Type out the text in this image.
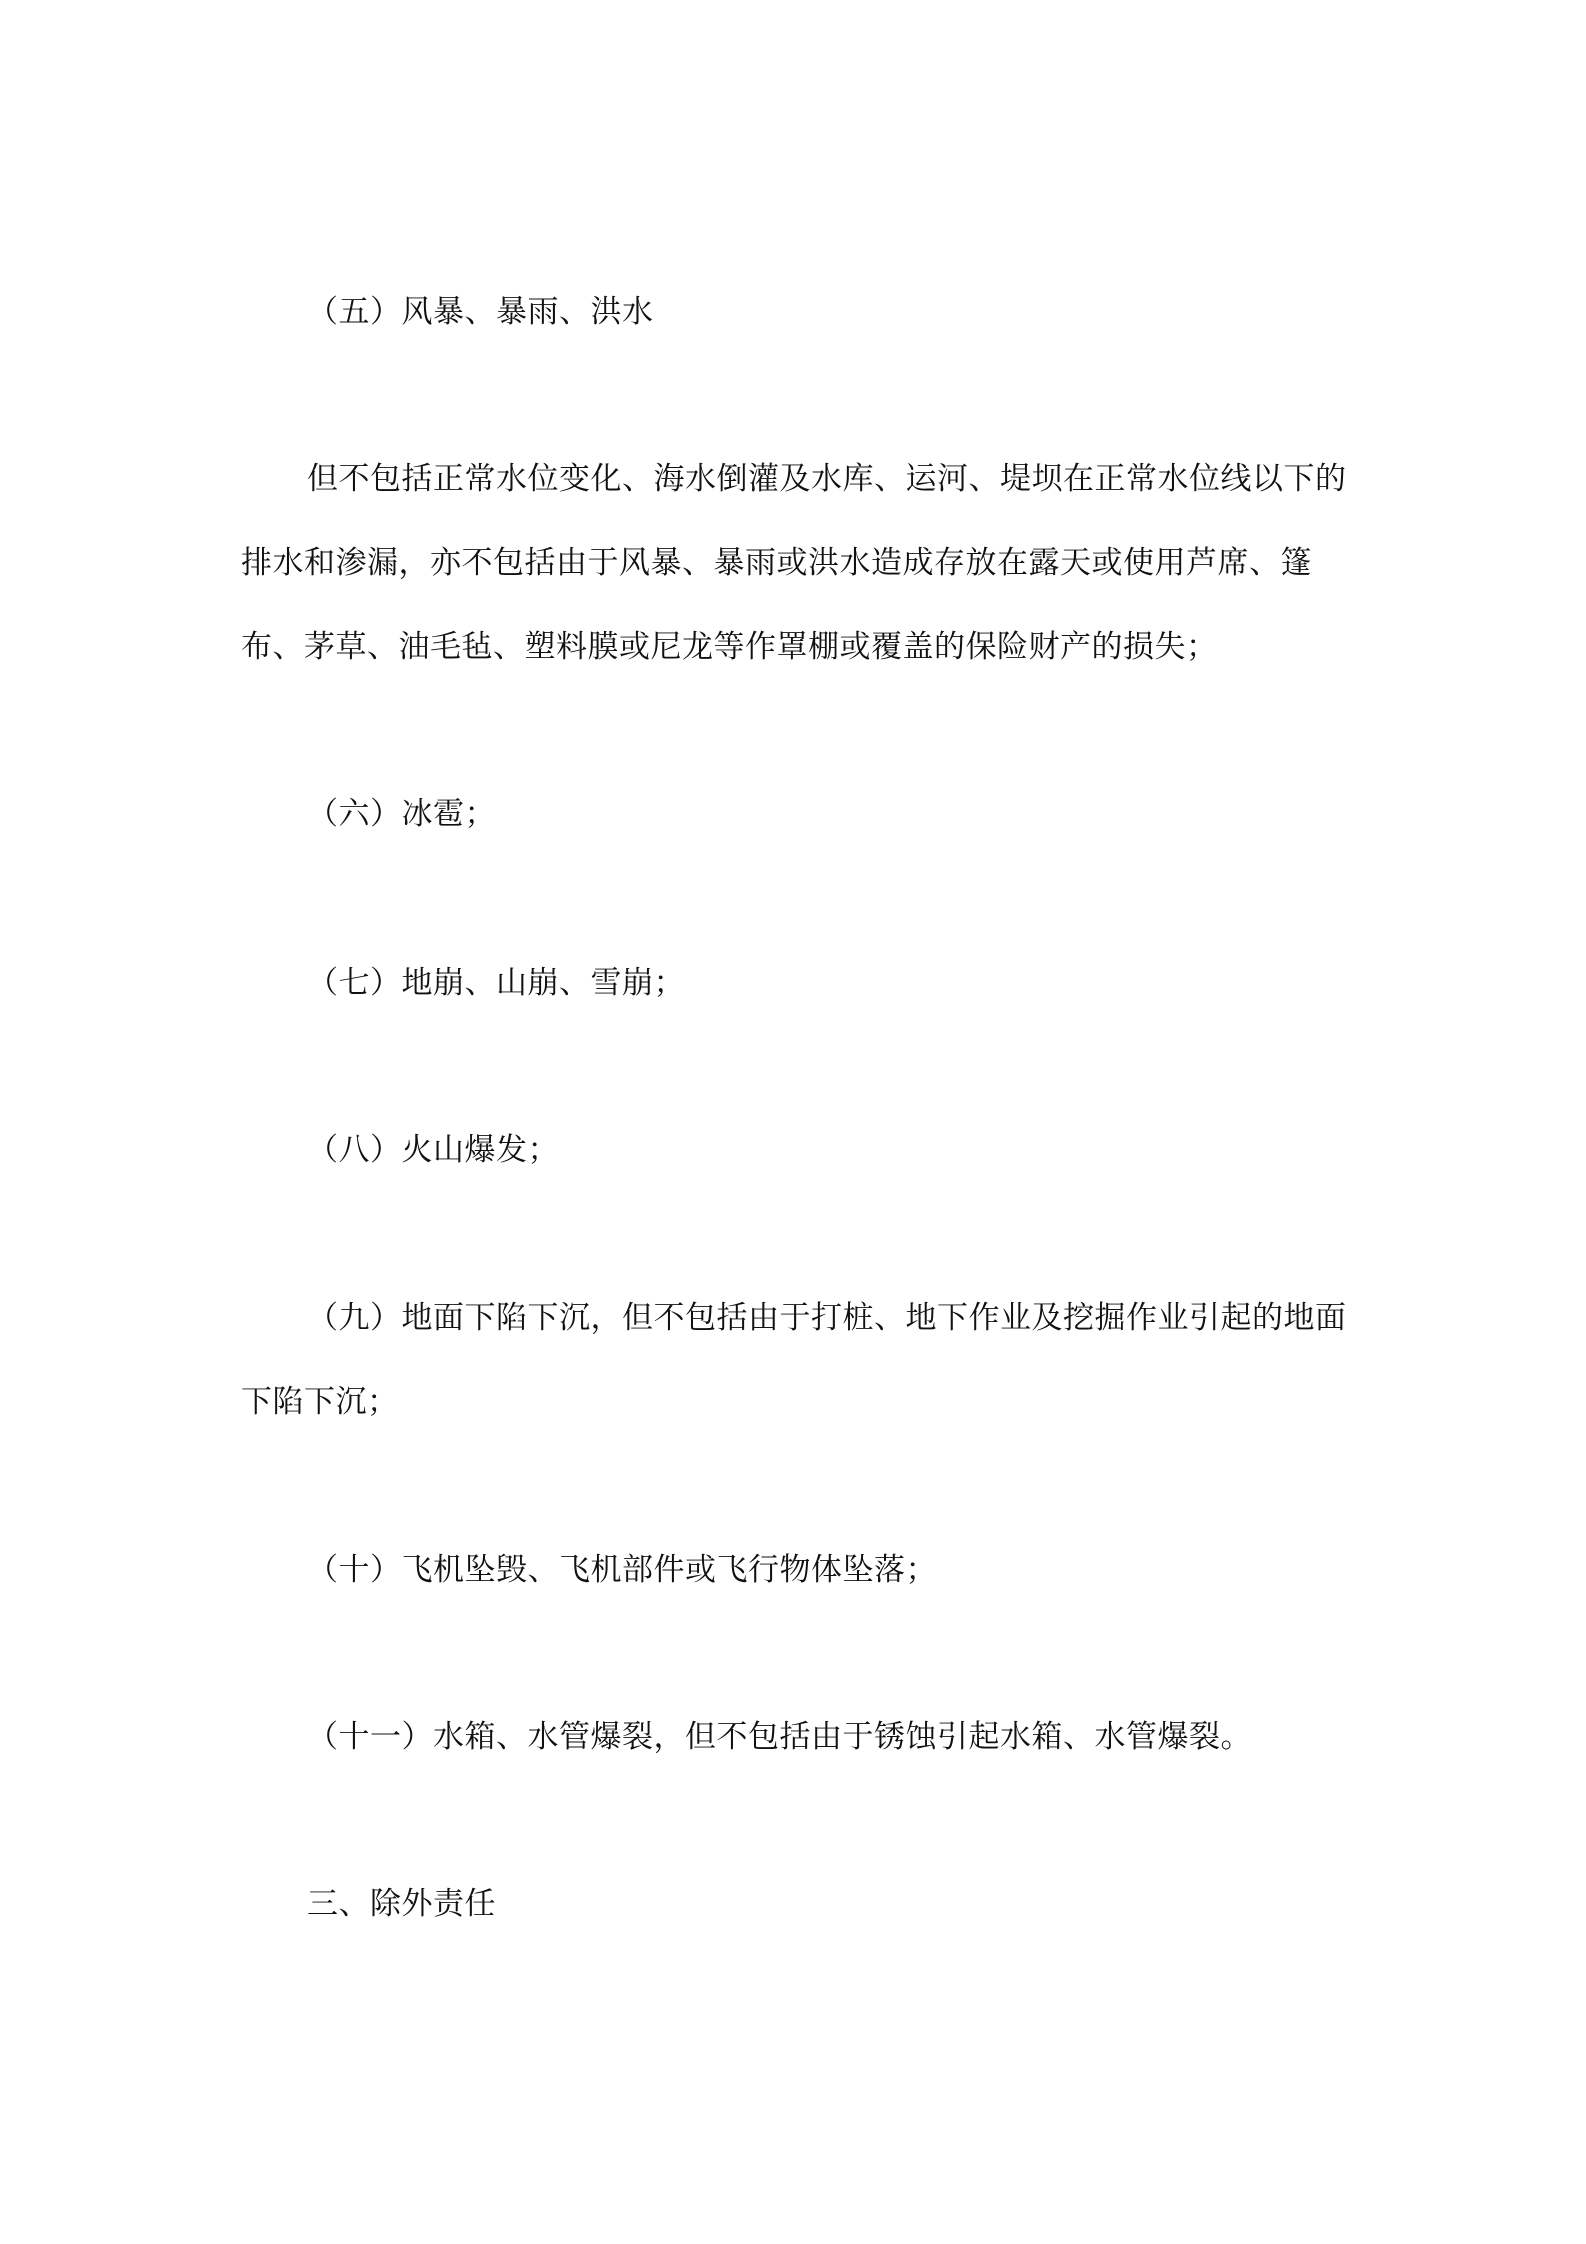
（五）风暴、暴雨、洪水
但不包括正常水位变化、海水倒灌及水库、运河、堤坝在正常水位线以下的排水和渗漏，亦不包括由于风暴、暴雨或洪水造成存放在露天或使用芦席、篷布、茅草、油毛毡、塑料膜或尼龙等作罩棚或覆盖的保险财产的损失；
（六）冰雹；
（七）地崩、山崩、雪崩；
（八）火山爆发；
（九）地面下陷下沉，但不包括由于打桩、地下作业及挖掘作业引起的地面下陷下沉；
（十）飞机坠毁、飞机部件或飞行物体坠落；
（十一）水箱、水管爆裂，但不包括由于锈蚀引起水箱、水管爆裂。
三、除外责任
